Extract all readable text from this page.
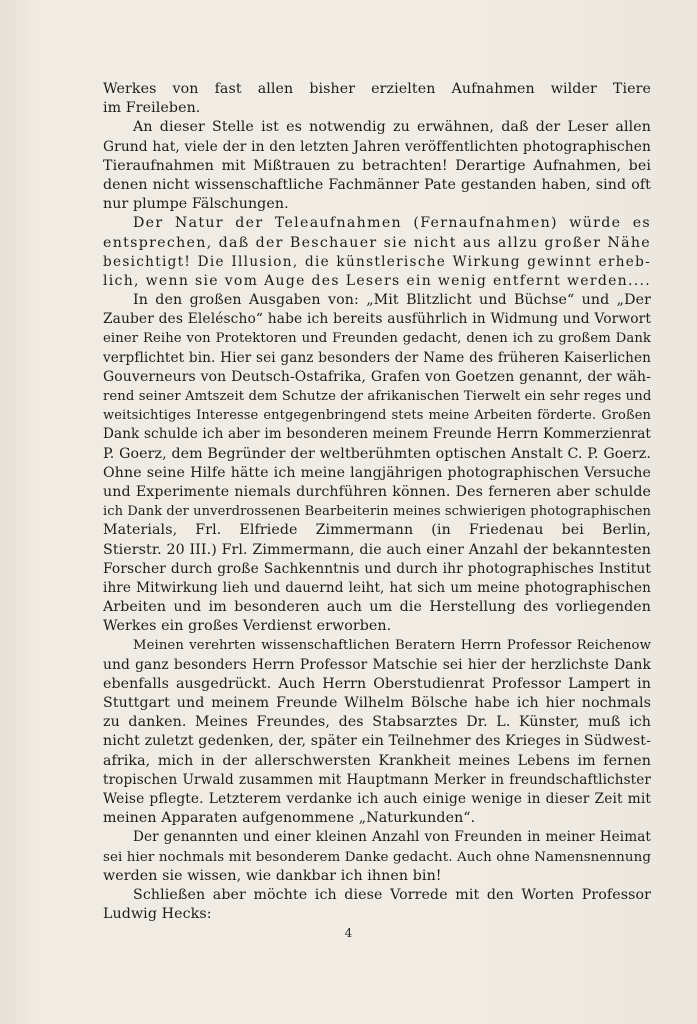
Werkes von fast allen bisher erzielten Aufnahmen wilder Tiere
im Freileben.
An dieser Stelle ist es notwendig zu erwähnen, daß der Leser allen
Grund hat, viele der in den letzten Jahren veröffentlichten photographischen
Tieraufnahmen mit Mißtrauen zu betrachten! Derartige Aufnahmen, bei
denen nicht wissenschaftliche Fachmänner Pate gestanden haben, sind oft
nur plumpe Fälschungen.
Der Natur der Teleaufnahmen (Fernaufnahmen) würde es
entsprechen, daß der Beschauer sie nicht aus allzu großer Nähe
besichtigt! Die Illusion, die künstlerische Wirkung gewinnt erheb-
lich, wenn sie vom Auge des Lesers ein wenig entfernt werden....
In den großen Ausgaben von: „Mit Blitzlicht und Büchse“ und „Der
Zauber des Eleléscho“ habe ich bereits ausführlich in Widmung und Vorwort
einer Reihe von Protektoren und Freunden gedacht, denen ich zu großem Dank
verpflichtet bin. Hier sei ganz besonders der Name des früheren Kaiserlichen
Gouverneurs von Deutsch-Ostafrika, Grafen von Goetzen genannt, der wäh-
rend seiner Amtszeit dem Schutze der afrikanischen Tierwelt ein sehr reges und
weitsichtiges Interesse entgegenbringend stets meine Arbeiten förderte. Großen
Dank schulde ich aber im besonderen meinem Freunde Herrn Kommerzienrat
P. Goerz, dem Begründer der weltberühmten optischen Anstalt C. P. Goerz.
Ohne seine Hilfe hätte ich meine langjährigen photographischen Versuche
und Experimente niemals durchführen können. Des ferneren aber schulde
ich Dank der unverdrossenen Bearbeiterin meines schwierigen photographischen
Materials, Frl. Elfriede Zimmermann (in Friedenau bei Berlin,
Stierstr. 20 III.) Frl. Zimmermann, die auch einer Anzahl der bekanntesten
Forscher durch große Sachkenntnis und durch ihr photographisches Institut
ihre Mitwirkung lieh und dauernd leiht, hat sich um meine photographischen
Arbeiten und im besonderen auch um die Herstellung des vorliegenden
Werkes ein großes Verdienst erworben.
Meinen verehrten wissenschaftlichen Beratern Herrn Professor Reichenow
und ganz besonders Herrn Professor Matschie sei hier der herzlichste Dank
ebenfalls ausgedrückt. Auch Herrn Oberstudienrat Professor Lampert in
Stuttgart und meinem Freunde Wilhelm Bölsche habe ich hier nochmals
zu danken. Meines Freundes, des Stabsarztes Dr. L. Künster, muß ich
nicht zuletzt gedenken, der, später ein Teilnehmer des Krieges in Südwest-
afrika, mich in der allerschwersten Krankheit meines Lebens im fernen
tropischen Urwald zusammen mit Hauptmann Merker in freundschaftlichster
Weise pflegte. Letzterem verdanke ich auch einige wenige in dieser Zeit mit
meinen Apparaten aufgenommene „Naturkunden“.
Der genannten und einer kleinen Anzahl von Freunden in meiner Heimat
sei hier nochmals mit besonderem Danke gedacht. Auch ohne Namensnennung
werden sie wissen, wie dankbar ich ihnen bin!
Schließen aber möchte ich diese Vorrede mit den Worten Professor
Ludwig Hecks:
4
